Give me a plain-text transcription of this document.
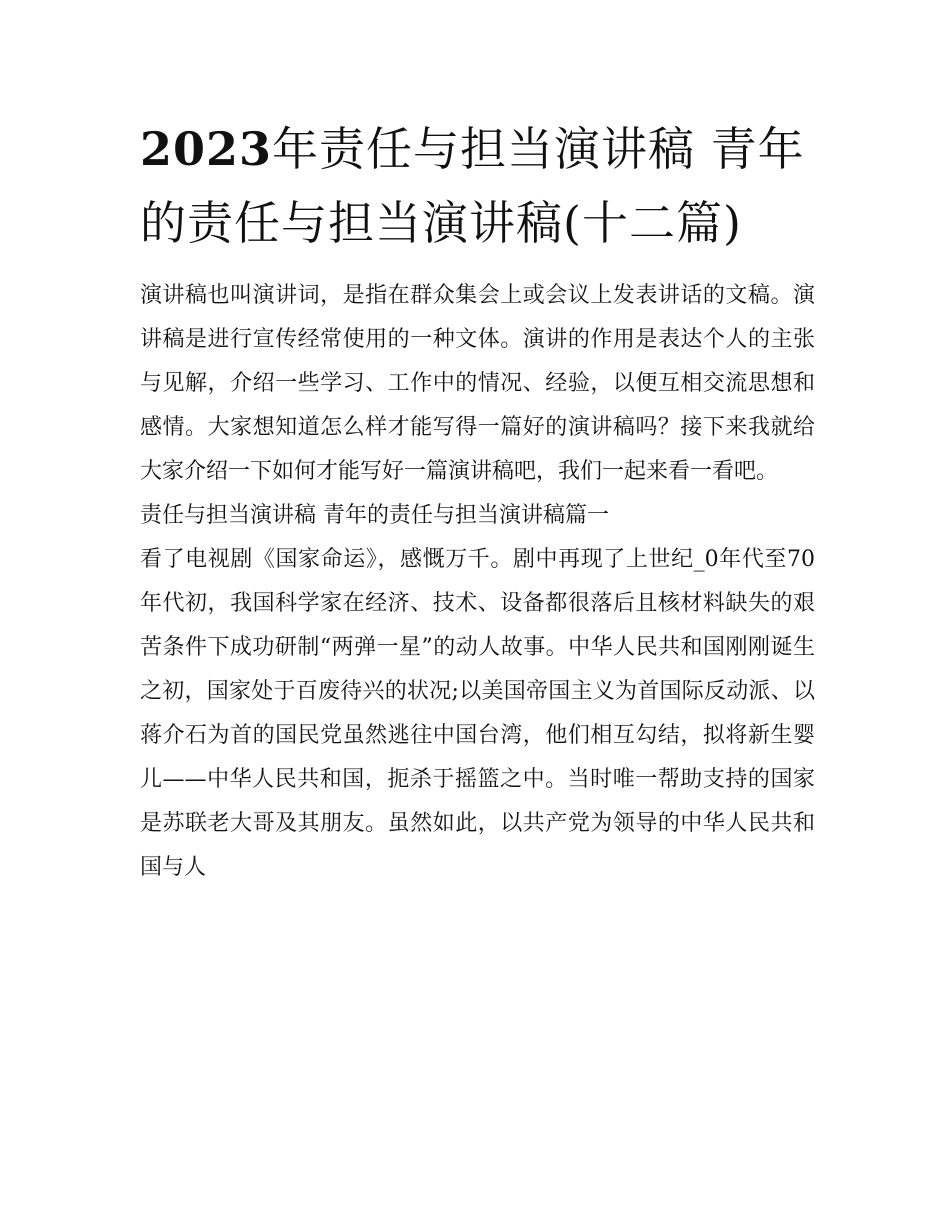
2023年责任与担当演讲稿 青年的责任与担当演讲稿(十二篇)

演讲稿也叫演讲词，是指在群众集会上或会议上发表讲话的文稿。演讲稿是进行宣传经常使用的一种文体。演讲的作用是表达个人的主张与见解，介绍一些学习、工作中的情况、经验，以便互相交流思想和感情。大家想知道怎么样才能写得一篇好的演讲稿吗？接下来我就给大家介绍一下如何才能写好一篇演讲稿吧，我们一起来看一看吧。

责任与担当演讲稿 青年的责任与担当演讲稿篇一

看了电视剧《国家命运》，感慨万千。剧中再现了上世纪_0年代至70年代初，我国科学家在经济、技术、设备都很落后且核材料缺失的艰苦条件下成功研制“两弹一星”的动人故事。中华人民共和国刚刚诞生之初，国家处于百废待兴的状况;以美国帝国主义为首国际反动派、以蒋介石为首的国民党虽然逃往中国台湾，他们相互勾结，拟将新生婴儿——中华人民共和国，扼杀于摇篮之中。当时唯一帮助支持的国家是苏联老大哥及其朋友。虽然如此，以共产党为领导的中华人民共和国与人
